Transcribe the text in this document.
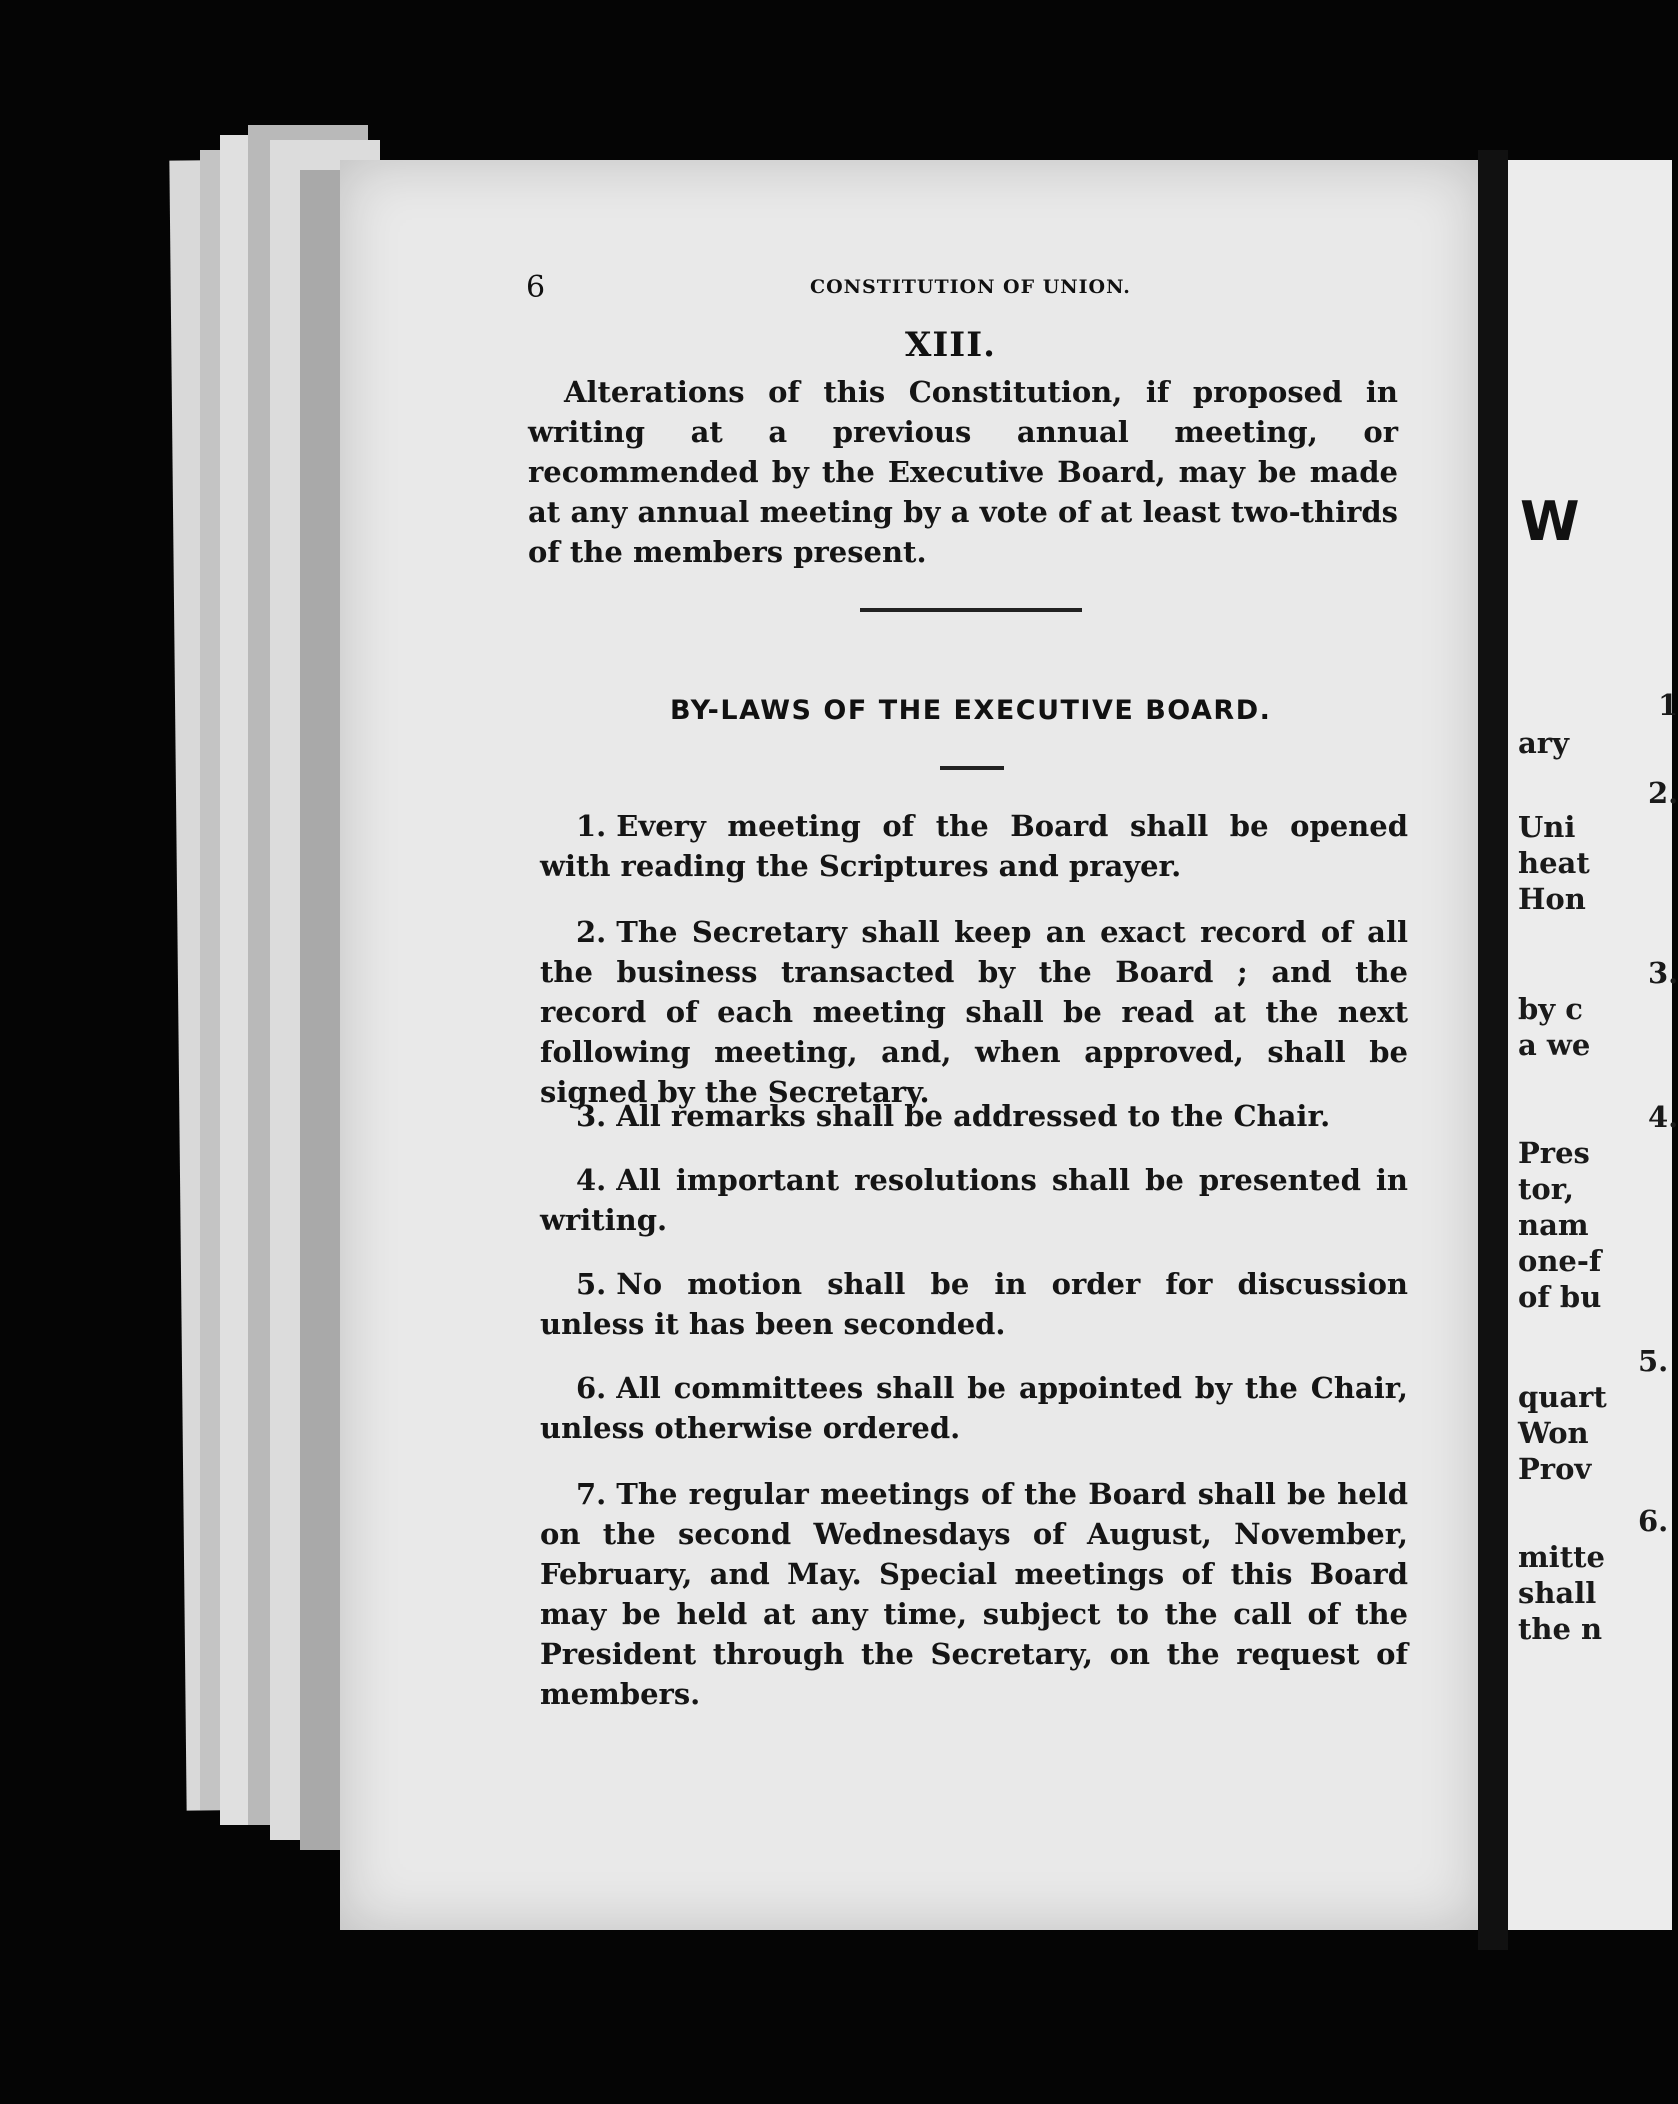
6	CONSTITUTION OF UNION.
XIII.
Alterations of this Constitution, if proposed in writing at a previous annual meeting, or recommended by the Executive Board, may be made at any annual meeting by a vote of at least two-thirds of the members present.
BY-LAWS OF THE EXECUTIVE BOARD.
1. Every meeting of the Board shall be opened with reading the Scriptures and prayer.
2. The Secretary shall keep an exact record of all the business transacted by the Board ; and the record of each meeting shall be read at the next following meeting, and, when approved, shall be signed by the Secretary.
3. All remarks shall be addressed to the Chair.
4. All important resolutions shall be presented in writing.
5. No motion shall be in order for discussion unless it has been seconded.
6. All committees shall be appointed by the Chair, unless otherwise ordered.
7. The regular meetings of the Board shall be held on the second Wednesdays of August, November, February, and May. Special meetings of this Board may be held at any time, subject to the call of the President through the Secretary, on the request of members.
W
1
ary
2.
Uni
heat
Hon
3.
by c
a we
4.
Pres
tor,
nam
one-f
of bu
5.
quart
Won
Prov
6.
mitte
shall
the n
